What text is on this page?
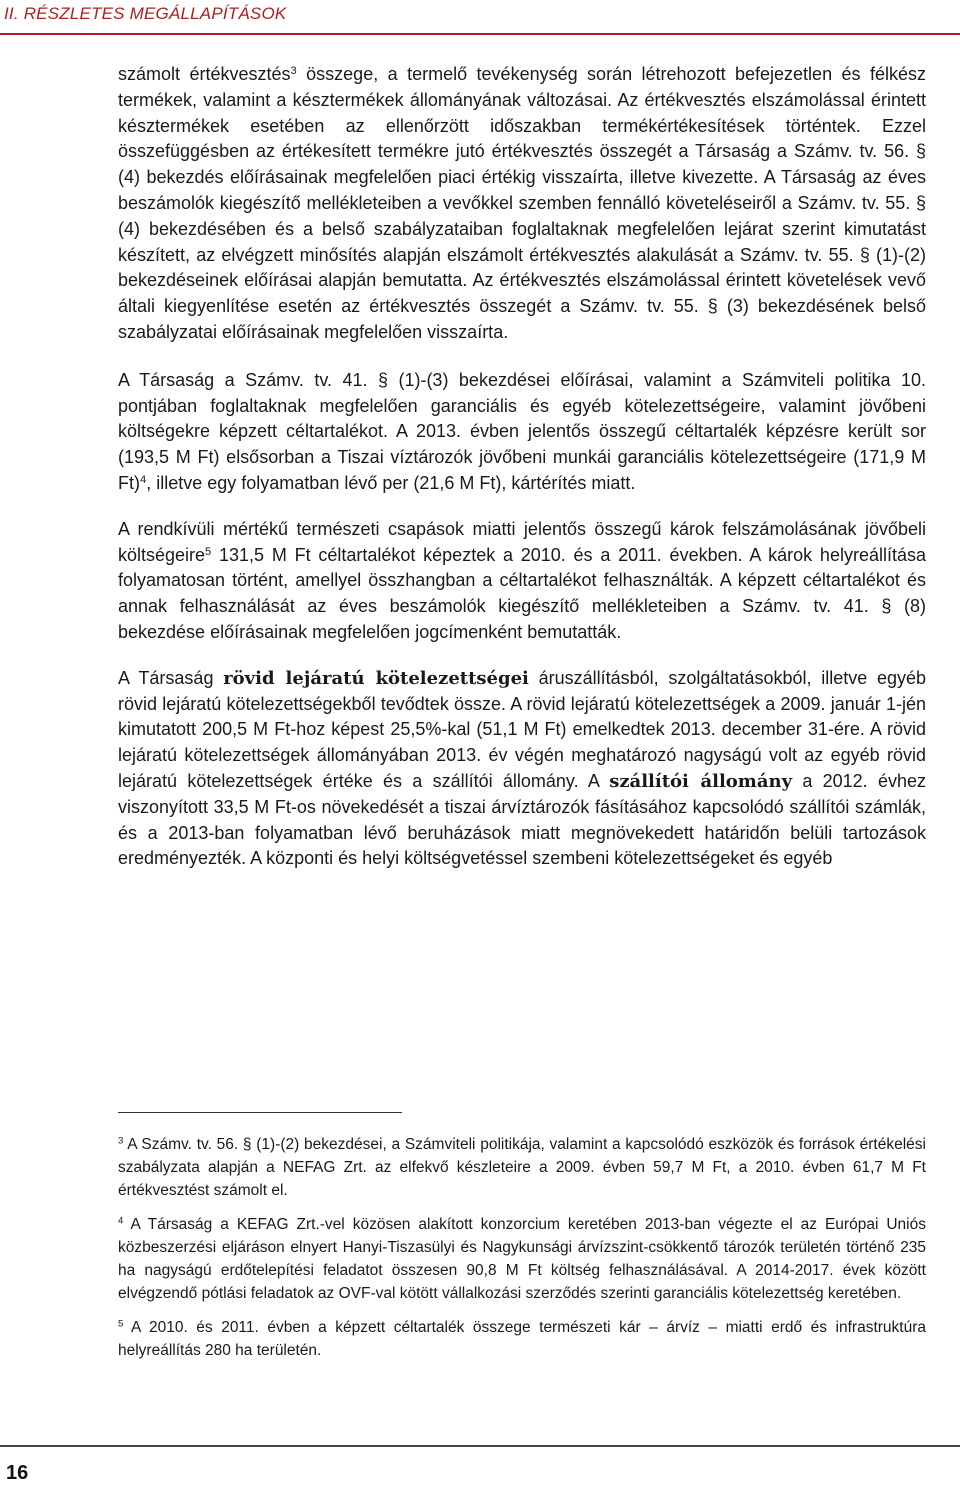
II. RÉSZLETES MEGÁLLAPÍTÁSOK

számolt értékvesztés$^3$ összege, a termelő tevékenység során létrehozott befejezetlen és félkész termékek, valamint a késztermékek állományának változásai. Az értékvesztés elszámolással érintett késztermékek esetében az ellenőrzött időszakban termékértékesítések történtek. Ezzel összefüggésben az értékesített termékre jutó értékvesztés összegét a Társaság a Számv. tv. 56. § (4) bekezdés előírásainak megfelelően piaci értékig visszaírta, illetve kivezette. A Társaság az éves beszámolók kiegészítő mellékleteiben a vevőkkel szemben fennálló követeléseiről a Számv. tv. 55. § (4) bekezdésében és a belső szabályzataiban foglaltaknak megfelelően lejárat szerint kimutatást készített, az elvégzett minősítés alapján elszámolt értékvesztés alakulását a Számv. tv. 55. § (1)-(2) bekezdéseinek előírásai alapján bemutatta. Az értékvesztés elszámolással érintett követelések vevő általi kiegyenlítése esetén az értékvesztés összegét a Számv. tv. 55. § (3) bekezdésének belső szabályzatai előírásainak megfelelően visszaírta.

A Társaság a Számv. tv. 41. § (1)-(3) bekezdései előírásai, valamint a Számviteli politika 10. pontjában foglaltaknak megfelelően garanciális és egyéb kötelezettségeire, valamint jövőbeni költségekre képzett céltartalékot. A 2013. évben jelentős összegű céltartalék képzésre került sor (193,5 M Ft) elsősorban a Tiszai víztározók jövőbeni munkái garanciális kötelezettségeire (171,9 M Ft)$^4$, illetve egy folyamatban lévő per (21,6 M Ft), kártérítés miatt.

A rendkívüli mértékű természeti csapások miatti jelentős összegű károk felszámolásának jövőbeli költségeire$^5$ 131,5 M Ft céltartalékot képeztek a 2010. és a 2011. években. A károk helyreállítása folyamatosan történt, amellyel összhangban a céltartalékot felhasználták. A képzett céltartalékot és annak felhasználását az éves beszámolók kiegészítő mellékleteiben a Számv. tv. 41. § (8) bekezdése előírásainak megfelelően jogcímenként bemutatták.

A Társaság rövid lejáratú kötelezettségei áruszállításból, szolgáltatásokból, illetve egyéb rövid lejáratú kötelezettségekből tevődtek össze. A rövid lejáratú kötelezettségek a 2009. január 1-jén kimutatott 200,5 M Ft-hoz képest 25,5%-kal (51,1 M Ft) emelkedtek 2013. december 31-ére. A rövid lejáratú kötelezettségek állományában 2013. év végén meghatározó nagyságú volt az egyéb rövid lejáratú kötelezettségek értéke és a szállítói állomány. A szállítói állomány a 2012. évhez viszonyított 33,5 M Ft-os növekedését a tiszai árvíztározók fásításához kapcsolódó szállítói számlák, és a 2013-ban folyamatban lévő beruházások miatt megnövekedett határidőn belüli tartozások eredményezték. A központi és helyi költségvetéssel szembeni kötelezettségeket és egyéb

$^3$ A Számv. tv. 56. § (1)-(2) bekezdései, a Számviteli politikája, valamint a kapcsolódó eszközök és források értékelési szabályzata alapján a NEFAG Zrt. az elfekvő készleteire a 2009. évben 59,7 M Ft, a 2010. évben 61,7 M Ft értékvesztést számolt el.

$^4$ A Társaság a KEFAG Zrt.-vel közösen alakított konzorcium keretében 2013-ban végezte el az Európai Uniós közbeszerzési eljáráson elnyert Hanyi-Tiszasülyi és Nagykunsági árvízszint-csökkentő tározók területén történő 235 ha nagyságú erdőtelepítési feladatot összesen 90,8 M Ft költség felhasználásával. A 2014-2017. évek között elvégzendő pótlási feladatok az OVF-val kötött vállalkozási szerződés szerinti garanciális kötelezettség keretében.

$^5$ A 2010. és 2011. évben a képzett céltartalék összege természeti kár – árvíz – miatti erdő és infrastruktúra helyreállítás 280 ha területén.

16
